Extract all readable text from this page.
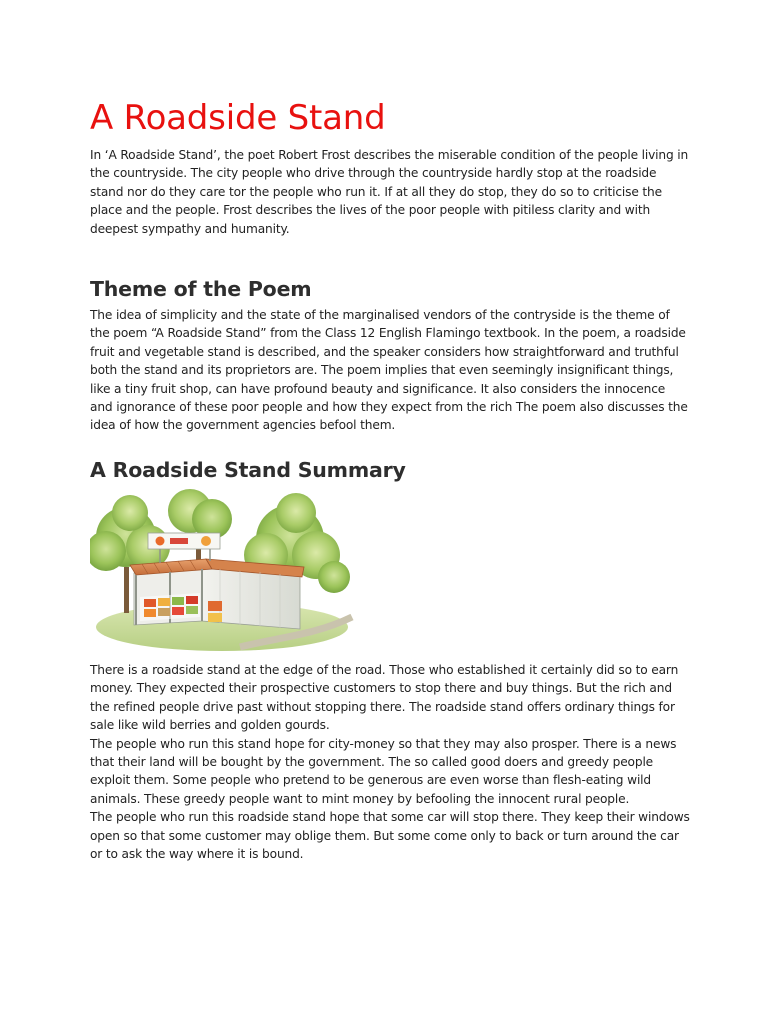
A Roadside Stand

In ‘A Roadside Stand’, the poet Robert Frost describes the miserable condition of the people living in the countryside. The city people who drive through the countryside hardly stop at the roadside stand nor do they care tor the people who run it. If at all they do stop, they do so to criticise the place and the people. Frost describes the lives of the poor people with pitiless clarity and with deepest sympathy and humanity.

Theme of the Poem

The idea of simplicity and the state of the marginalised vendors of the contryside is the theme of the poem “A Roadside Stand” from the Class 12 English Flamingo textbook. In the poem, a roadside fruit and vegetable stand is described, and the speaker considers how straightforward and truthful both the stand and its proprietors are. The poem implies that even seemingly insignificant things, like a tiny fruit shop, can have profound beauty and significance. It also considers the innocence and ignorance of these poor people and how they expect from the rich The poem also discusses the idea of how the government agencies befool them.

A Roadside Stand Summary

There is a roadside stand at the edge of the road. Those who established it certainly did so to earn money. They expected their prospective customers to stop there and buy things. But the rich and the refined people drive past without stopping there. The roadside stand offers ordinary things for sale like wild berries and golden gourds.

The people who run this stand hope for city-money so that they may also prosper. There is a news that their land will be bought by the government. The so called good doers and greedy people exploit them. Some people who pretend to be generous are even worse than flesh-eating wild animals. These greedy people want to mint money by befooling the innocent rural people.

The people who run this roadside stand hope that some car will stop there. They keep their windows open so that some customer may oblige them. But some come only to back or turn around the car or to ask the way where it is bound.
